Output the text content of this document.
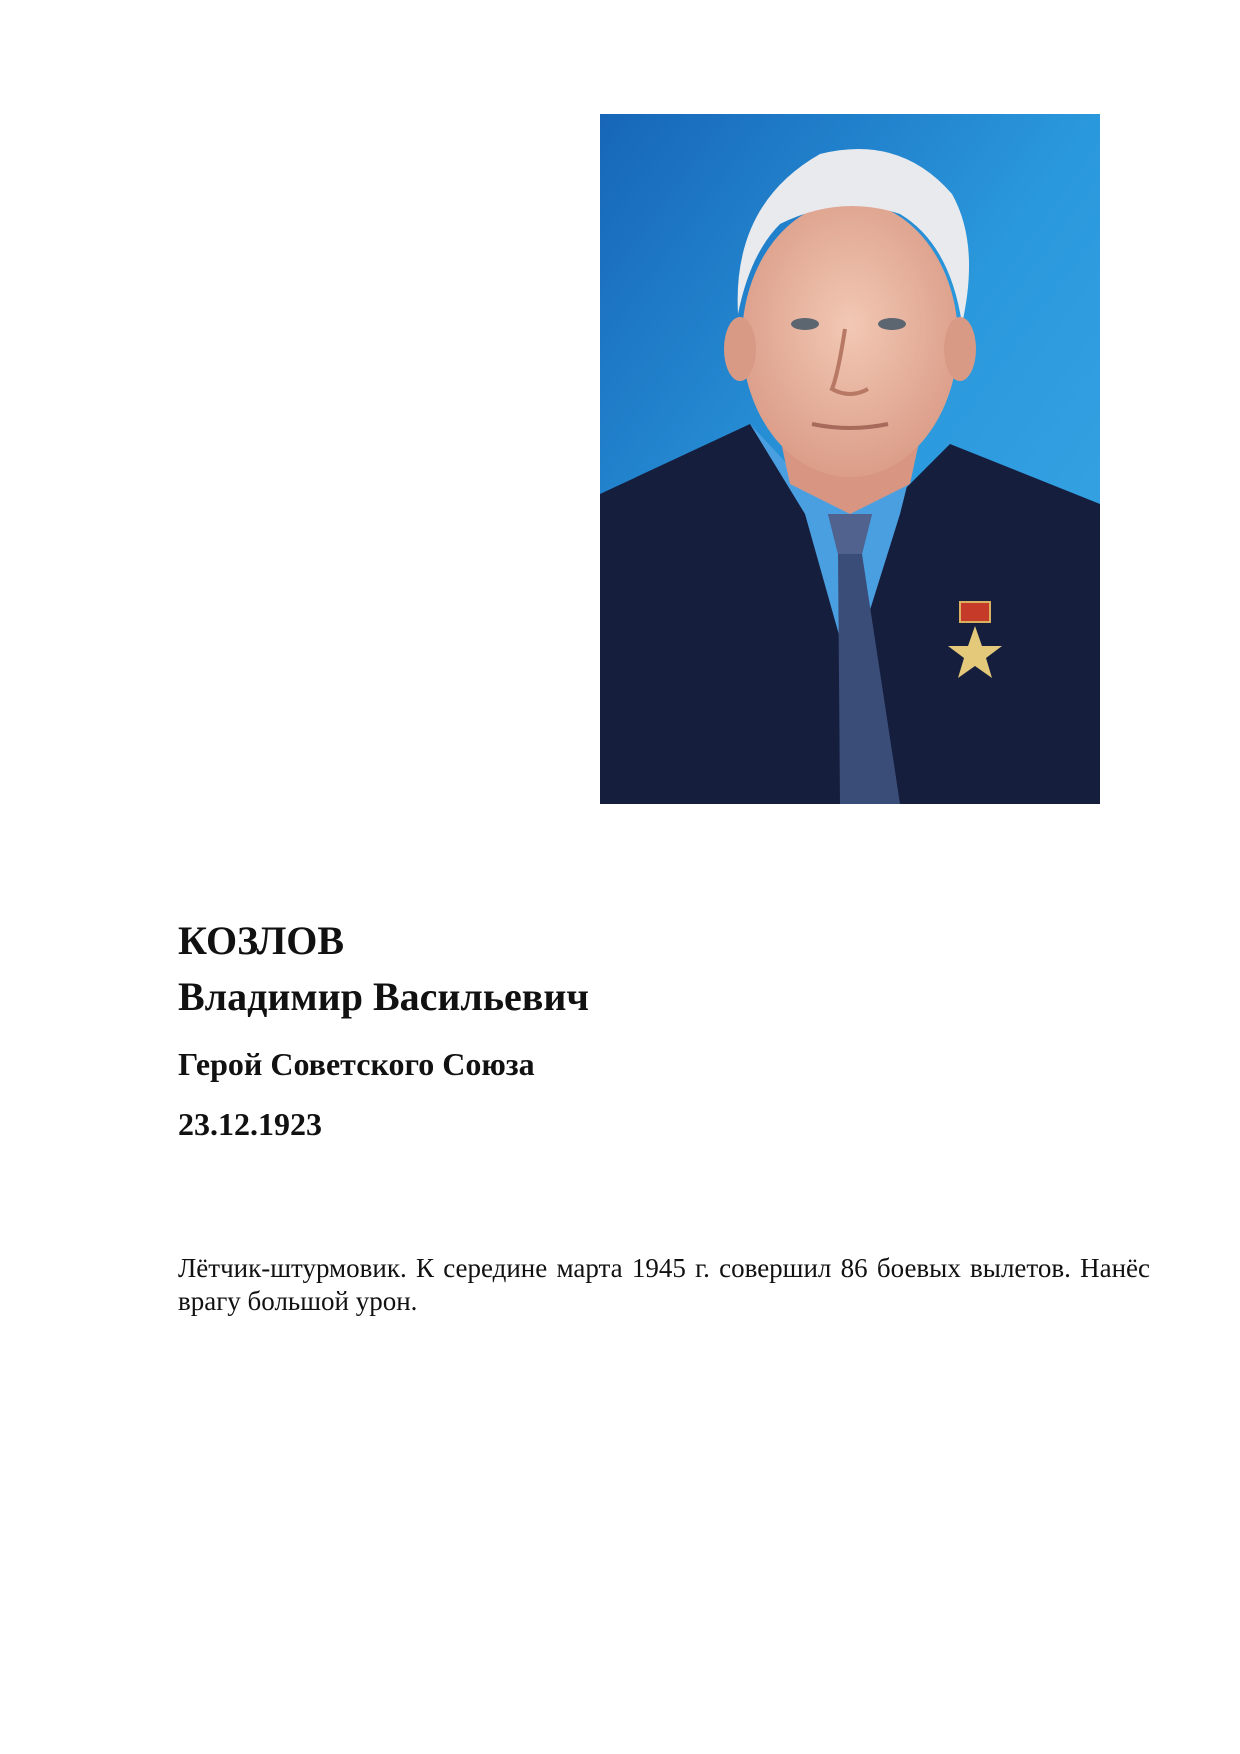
КОЗЛОВ
Владимир Васильевич

Герой Советского Союза

23.12.1923

Лётчик-штурмовик. К середине марта 1945 г. совершил 86 боевых вылетов. Нанёс врагу большой урон.
